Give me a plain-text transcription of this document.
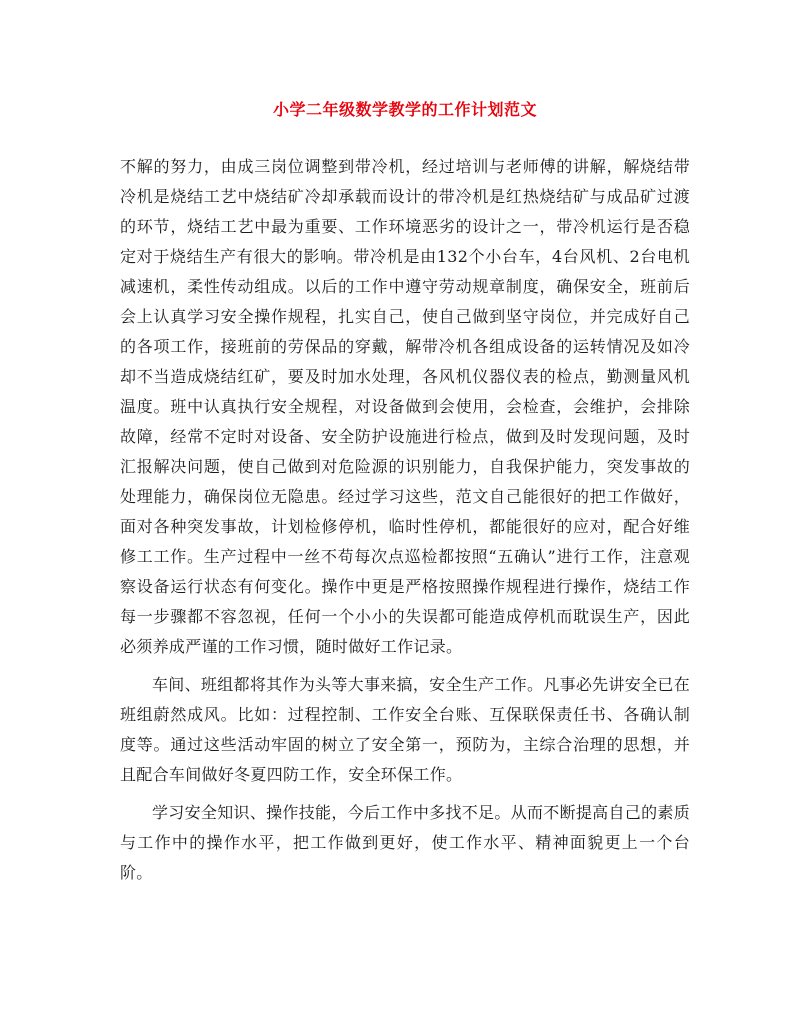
小学二年级数学教学的工作计划范文

不解的努力，由成三岗位调整到带冷机，经过培训与老师傅的讲解，解烧结带冷机是烧结工艺中烧结矿冷却承载而设计的带冷机是红热烧结矿与成品矿过渡的环节，烧结工艺中最为重要、工作环境恶劣的设计之一，带冷机运行是否稳定对于烧结生产有很大的影响。带冷机是由132个小台车，4台风机、2台电机减速机，柔性传动组成。以后的工作中遵守劳动规章制度，确保安全，班前后会上认真学习安全操作规程，扎实自己，使自己做到坚守岗位，并完成好自己的各项工作，接班前的劳保品的穿戴，解带冷机各组成设备的运转情况及如冷却不当造成烧结红矿，要及时加水处理，各风机仪器仪表的检点，勤测量风机温度。班中认真执行安全规程，对设备做到会使用，会检查，会维护，会排除故障，经常不定时对设备、安全防护设施进行检点，做到及时发现问题，及时汇报解决问题，使自己做到对危险源的识别能力，自我保护能力，突发事故的处理能力，确保岗位无隐患。经过学习这些，范文自己能很好的把工作做好，面对各种突发事故，计划检修停机，临时性停机，都能很好的应对，配合好维修工工作。生产过程中一丝不苟每次点巡检都按照“五确认”进行工作，注意观察设备运行状态有何变化。操作中更是严格按照操作规程进行操作，烧结工作每一步骤都不容忽视，任何一个小小的失误都可能造成停机而耽误生产，因此必须养成严谨的工作习惯，随时做好工作记录。

车间、班组都将其作为头等大事来搞，安全生产工作。凡事必先讲安全已在班组蔚然成风。比如：过程控制、工作安全台账、互保联保责任书、各确认制度等。通过这些活动牢固的树立了安全第一，预防为，主综合治理的思想，并且配合车间做好冬夏四防工作，安全环保工作。

学习安全知识、操作技能，今后工作中多找不足。从而不断提高自己的素质与工作中的操作水平，把工作做到更好，使工作水平、精神面貌更上一个台阶。
